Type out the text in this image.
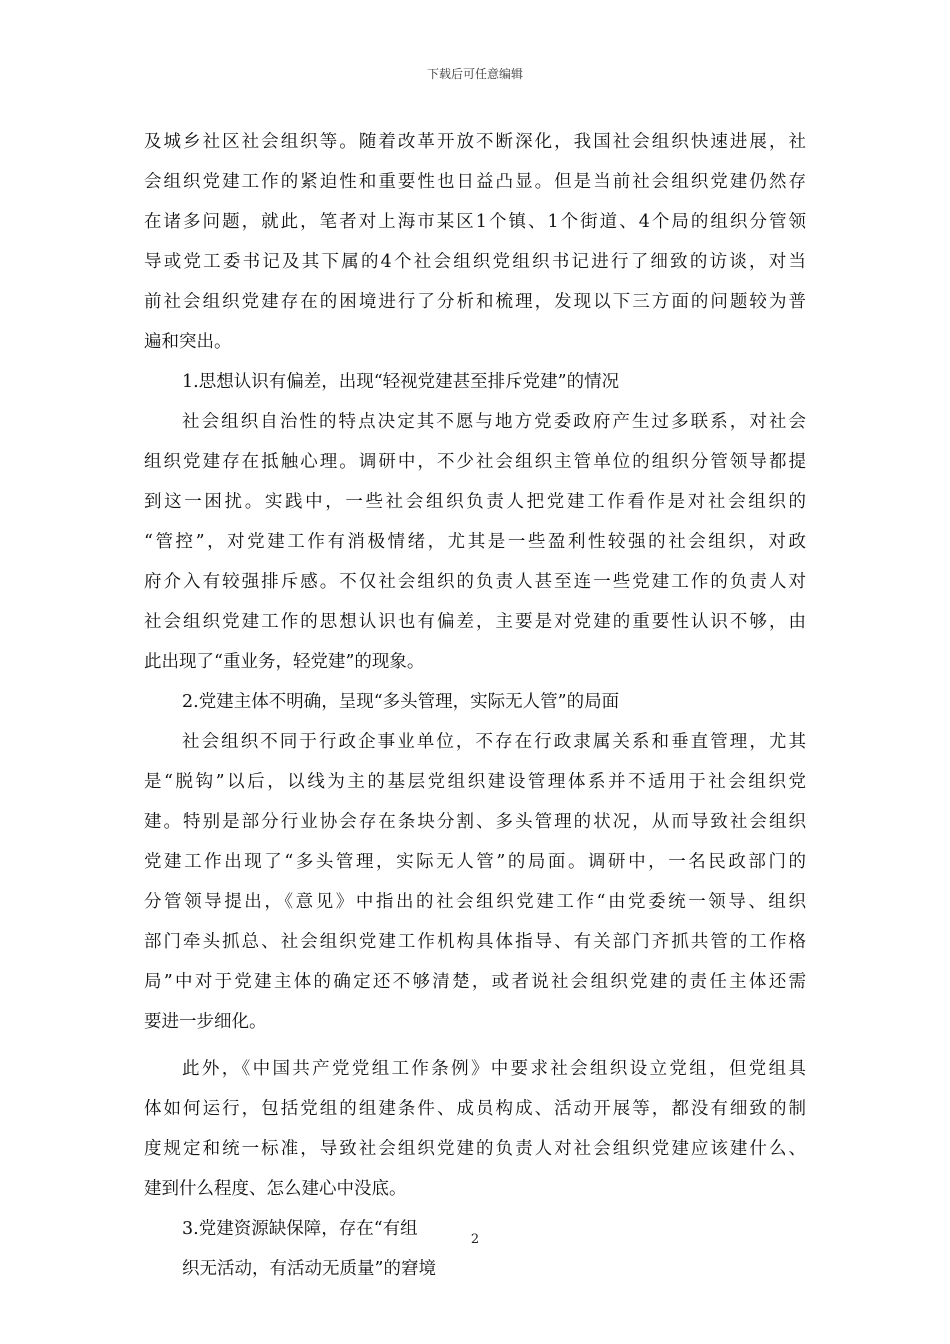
下载后可任意编辑
及城乡社区社会组织等。随着改革开放不断深化，我国社会组织快速进展，社
会组织党建工作的紧迫性和重要性也日益凸显。但是当前社会组织党建仍然存
在诸多问题，就此，笔者对上海市某区1个镇、1个街道、4个局的组织分管领
导或党工委书记及其下属的4个社会组织党组织书记进行了细致的访谈，对当
前社会组织党建存在的困境进行了分析和梳理，发现以下三方面的问题较为普
遍和突出。
1.思想认识有偏差，出现“轻视党建甚至排斥党建”的情况
社会组织自治性的特点决定其不愿与地方党委政府产生过多联系，对社会
组织党建存在抵触心理。调研中，不少社会组织主管单位的组织分管领导都提
到这一困扰。实践中，一些社会组织负责人把党建工作看作是对社会组织的
“管控”，对党建工作有消极情绪，尤其是一些盈利性较强的社会组织，对政
府介入有较强排斥感。不仅社会组织的负责人甚至连一些党建工作的负责人对
社会组织党建工作的思想认识也有偏差，主要是对党建的重要性认识不够，由
此出现了“重业务，轻党建”的现象。
2.党建主体不明确，呈现“多头管理，实际无人管”的局面
社会组织不同于行政企事业单位，不存在行政隶属关系和垂直管理，尤其
是“脱钩”以后，以线为主的基层党组织建设管理体系并不适用于社会组织党
建。特别是部分行业协会存在条块分割、多头管理的状况，从而导致社会组织
党建工作出现了“多头管理，实际无人管”的局面。调研中，一名民政部门的
分管领导提出，《意见》中指出的社会组织党建工作“由党委统一领导、组织
部门牵头抓总、社会组织党建工作机构具体指导、有关部门齐抓共管的工作格
局”中对于党建主体的确定还不够清楚，或者说社会组织党建的责任主体还需
要进一步细化。
此外，《中国共产党党组工作条例》中要求社会组织设立党组，但党组具
体如何运行，包括党组的组建条件、成员构成、活动开展等，都没有细致的制
度规定和统一标准，导致社会组织党建的负责人对社会组织党建应该建什么、
建到什么程度、怎么建心中没底。
3.党建资源缺保障，存在“有组
织无活动，有活动无质量”的窘境
2
